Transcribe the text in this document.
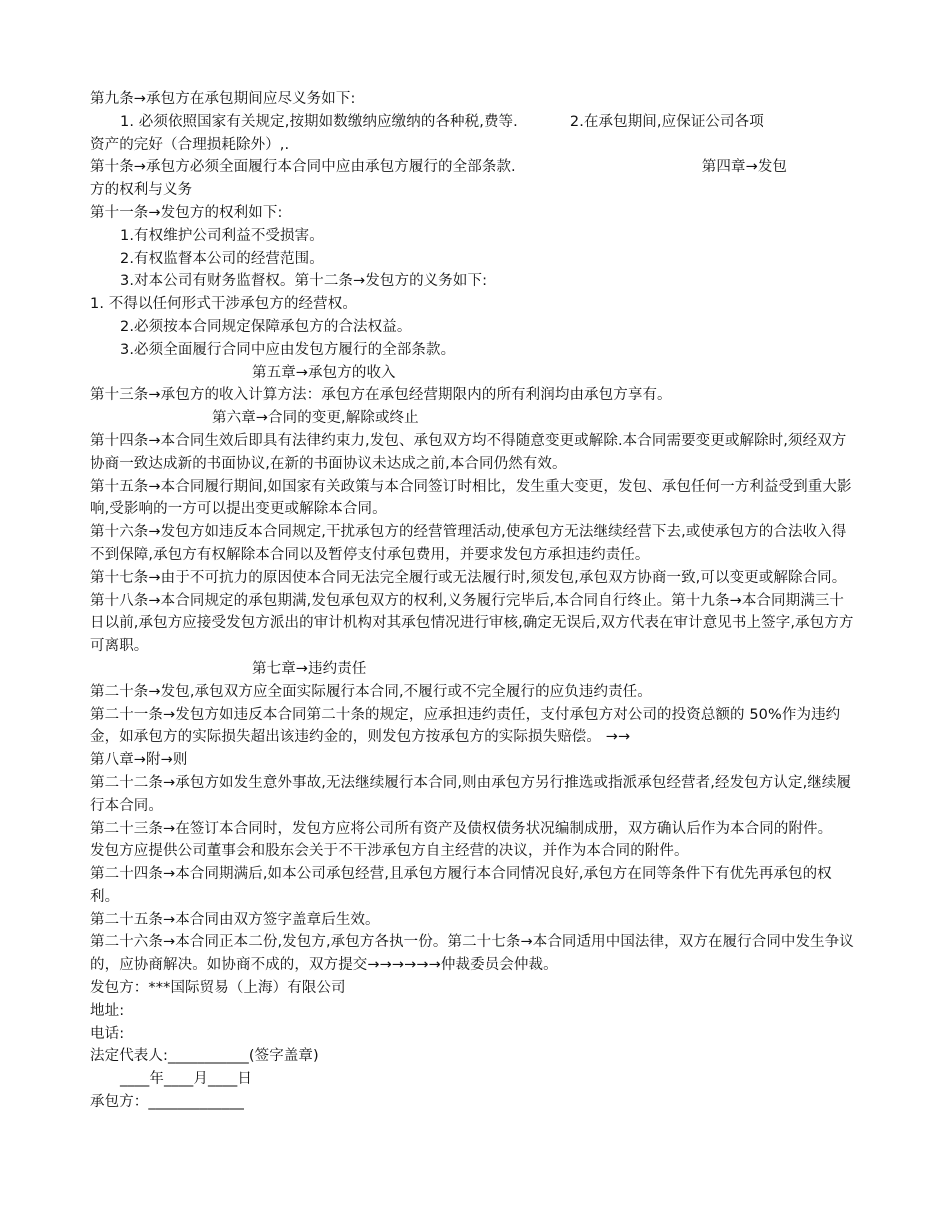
第九条→承包方在承包期间应尽义务如下:
1. 必须依照国家有关规定,按期如数缴纳应缴纳的各种税,费等.	2.在承包期间,应保证公司各项
资产的完好（合理损耗除外）,.
第十条→承包方必须全面履行本合同中应由承包方履行的全部条款.	第四章→发包
方的权利与义务
第十一条→发包方的权利如下:
1.有权维护公司利益不受损害。
2.有权监督本公司的经营范围。
3.对本公司有财务监督权。第十二条→发包方的义务如下:
1. 不得以任何形式干涉承包方的经营权。
2.必须按本合同规定保障承包方的合法权益。
3.必须全面履行合同中应由发包方履行的全部条款。
第五章→承包方的收入
第十三条→承包方的收入计算方法：承包方在承包经营期限内的所有利润均由承包方享有。
第六章→合同的变更,解除或终止
第十四条→本合同生效后即具有法律约束力,发包、承包双方均不得随意变更或解除.本合同需要变更或解除时,须经双方协商一致达成新的书面协议,在新的书面协议未达成之前,本合同仍然有效。
第十五条→本合同履行期间,如国家有关政策与本合同签订时相比，发生重大变更，发包、承包任何一方利益受到重大影响,受影响的一方可以提出变更或解除本合同。
第十六条→发包方如违反本合同规定,干扰承包方的经营管理活动,使承包方无法继续经营下去,或使承包方的合法收入得不到保障,承包方有权解除本合同以及暂停支付承包费用，并要求发包方承担违约责任。
第十七条→由于不可抗力的原因使本合同无法完全履行或无法履行时,须发包,承包双方协商一致,可以变更或解除合同。
第十八条→本合同规定的承包期满,发包承包双方的权利,义务履行完毕后,本合同自行终止。第十九条→本合同期满三十日以前,承包方应接受发包方派出的审计机构对其承包情况进行审核,确定无误后,双方代表在审计意见书上签字,承包方方可离职。
第七章→违约责任
第二十条→发包,承包双方应全面实际履行本合同,不履行或不完全履行的应负违约责任。
第二十一条→发包方如违反本合同第二十条的规定，应承担违约责任，支付承包方对公司的投资总额的 50%作为违约金，如承包方的实际损失超出该违约金的，则发包方按承包方的实际损失赔偿。 →→
第八章→附→则
第二十二条→承包方如发生意外事故,无法继续履行本合同,则由承包方另行推选或指派承包经营者,经发包方认定,继续履行本合同。
第二十三条→在签订本合同时，发包方应将公司所有资产及债权债务状况编制成册，双方确认后作为本合同的附件。
发包方应提供公司董事会和股东会关于不干涉承包方自主经营的决议，并作为本合同的附件。
第二十四条→本合同期满后,如本公司承包经营,且承包方履行本合同情况良好,承包方在同等条件下有优先再承包的权利。
第二十五条→本合同由双方签字盖章后生效。
第二十六条→本合同正本二份,发包方,承包方各执一份。第二十七条→本合同适用中国法律，双方在履行合同中发生争议的，应协商解决。如协商不成的，双方提交→→→→→→仲裁委员会仲裁。
发包方：***国际贸易（上海）有限公司
地址:
电话:
法定代表人:___________(签字盖章)
____年____月____日
承包方：_____________
